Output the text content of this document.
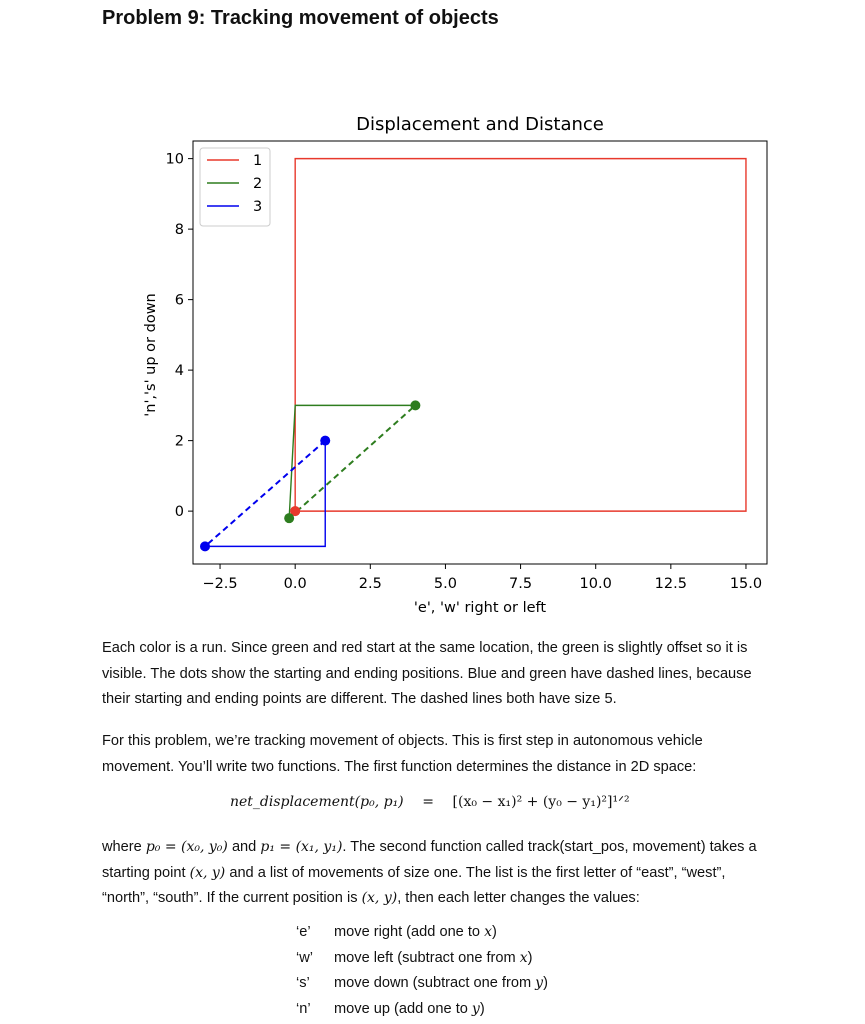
Problem 9: Tracking movement of objects
−2.5	0.0	2.5	5.0	7.5	10.0	12.5	15.0
0
2
4
6
8
10	1
2
3
Displacement and Distance
'e', 'w' right or left
'n','s' up or down

Each color is a run. Since green and red start at the same location, the green is slightly offset so it is visible. The dots show the starting and ending positions. Blue and green have dashed lines, because their starting and ending points are different. The dashed lines both have size 5.

For this problem, we’re tracking movement of objects. This is first step in autonomous vehicle movement. You’ll write two functions. The first function determines the distance in 2D space:

net_displacement(p₀, p₁) = [(x₀ − x₁)² + (y₀ − y₁)²]¹ᐟ²

where p₀ = (x₀, y₀) and p₁ = (x₁, y₁). The second function called track(start_pos, movement) takes a starting point (x, y) and a list of movements of size one. The list is the first letter of “east”, “west”, “north”, “south”. If the current position is (x, y), then each letter changes the values:

‘e’ move right (add one to x)
‘w’ move left (subtract one from x)
‘s’ move down (subtract one from y)
‘n’ move up (add one to y)
